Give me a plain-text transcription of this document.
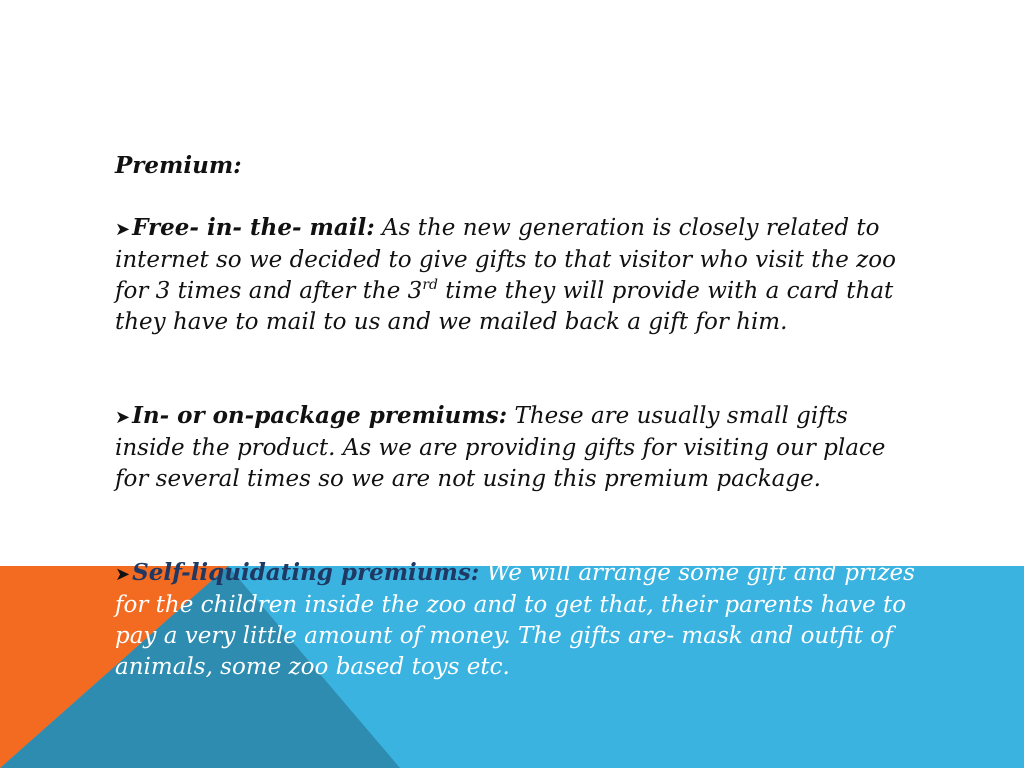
Premium:

➤Free- in- the- mail: As the new generation is closely related to internet so we decided to give gifts to that visitor who visit the zoo for 3 times and after the 3rd time they will provide with a card that they have to mail to us and we mailed back a gift for him.

➤In- or on-package premiums: These are usually small gifts inside the product. As we are providing gifts for visiting our place for several times so we are not using this premium package.

➤Self-liquidating premiums: We will arrange some gift and prizes for the children inside the zoo and to get that, their parents have to pay a very little amount of money. The gifts are- mask and outfit of animals, some zoo based toys etc.
